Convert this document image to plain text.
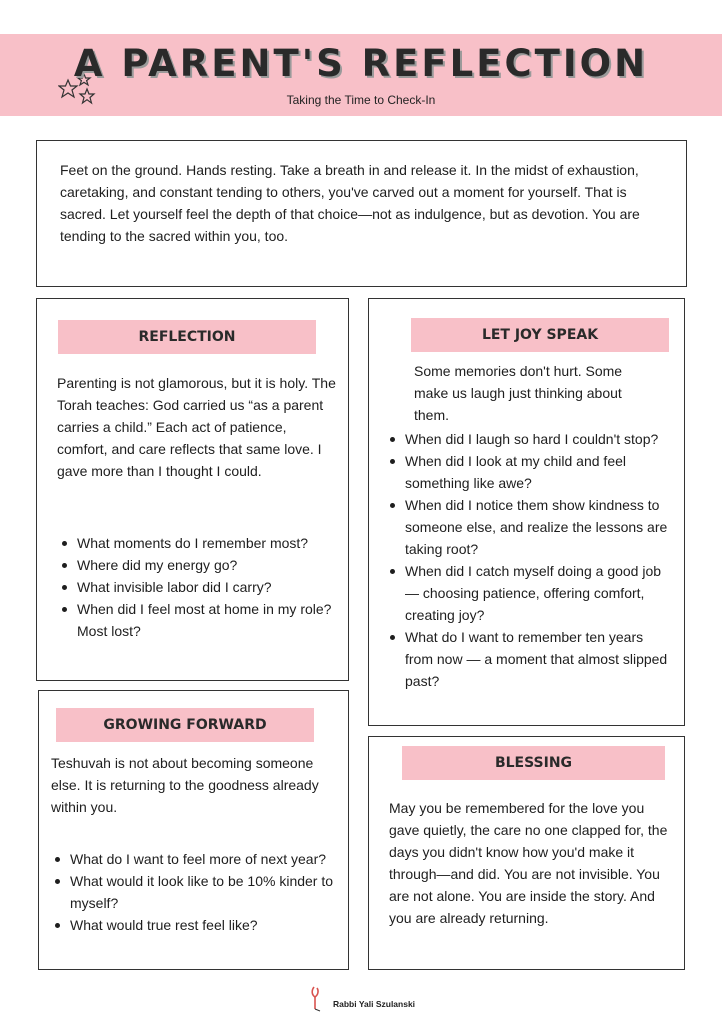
A PARENT'S REFLECTION
Taking the Time to Check-In

Feet on the ground. Hands resting. Take a breath in and release it. In the midst of exhaustion, caretaking, and constant tending to others, you've carved out a moment for yourself. That is sacred. Let yourself feel the depth of that choice—not as indulgence, but as devotion. You are tending to the sacred within you, too.

REFLECTION

Parenting is not glamorous, but it is holy. The Torah teaches: God carried us “as a parent carries a child.” Each act of patience, comfort, and care reflects that same love. I gave more than I thought I could.

What moments do I remember most?
Where did my energy go?
What invisible labor did I carry?
When did I feel most at home in my role? Most lost?
LET JOY SPEAK

Some memories don't hurt. Some make us laugh just thinking about them.

When did I laugh so hard I couldn't stop?
When did I look at my child and feel something like awe?
When did I notice them show kindness to someone else, and realize the lessons are taking root?
When did I catch myself doing a good job — choosing patience, offering comfort, creating joy?
What do I want to remember ten years from now — a moment that almost slipped past?
GROWING FORWARD

Teshuvah is not about becoming someone else. It is returning to the goodness already within you.

What do I want to feel more of next year?
What would it look like to be 10% kinder to myself?
What would true rest feel like?
BLESSING

May you be remembered for the love you gave quietly, the care no one clapped for, the days you didn't know how you'd make it through—and did. You are not invisible. You are not alone. You are inside the story. And you are already returning.

Rabbi Yali Szulanski
